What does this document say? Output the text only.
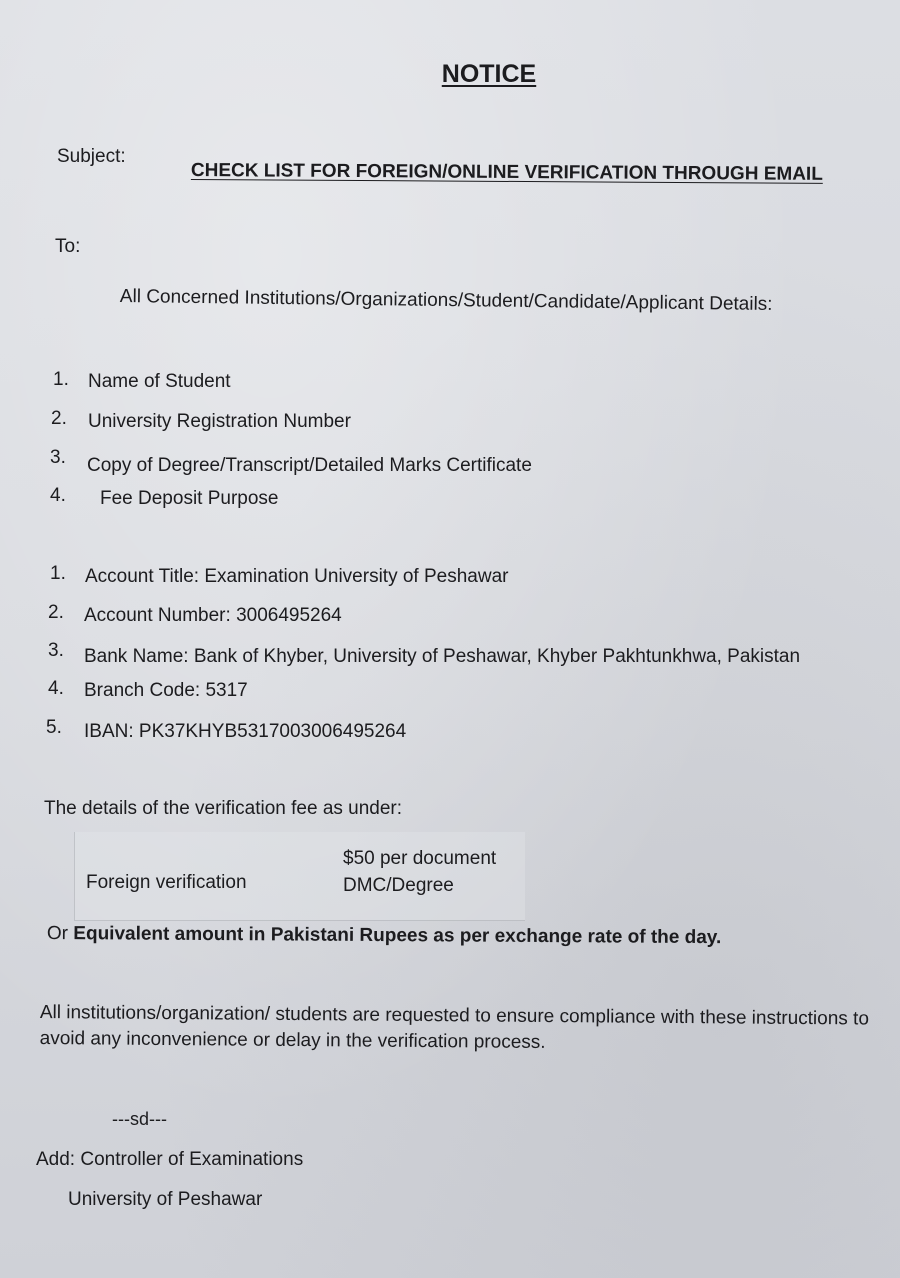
NOTICE
Subject:
CHECK LIST FOR FOREIGN/ONLINE VERIFICATION THROUGH EMAIL
To:
All Concerned Institutions/Organizations/Student/Candidate/Applicant Details:
1. Name of Student
2. University Registration Number
3. Copy of Degree/Transcript/Detailed Marks Certificate
4. Fee Deposit Purpose
1. Account Title: Examination University of Peshawar
2. Account Number: 3006495264
3. Bank Name: Bank of Khyber, University of Peshawar, Khyber Pakhtunkhwa, Pakistan
4. Branch Code: 5317
5. IBAN: PK37KHYB5317003006495264
The details of the verification fee as under:
Foreign verification
$50 per document
DMC/Degree
Or Equivalent amount in Pakistani Rupees as per exchange rate of the day.
All institutions/organization/ students are requested to ensure compliance with these instructions to avoid any inconvenience or delay in the verification process.
---sd---
Add: Controller of Examinations
University of Peshawar
